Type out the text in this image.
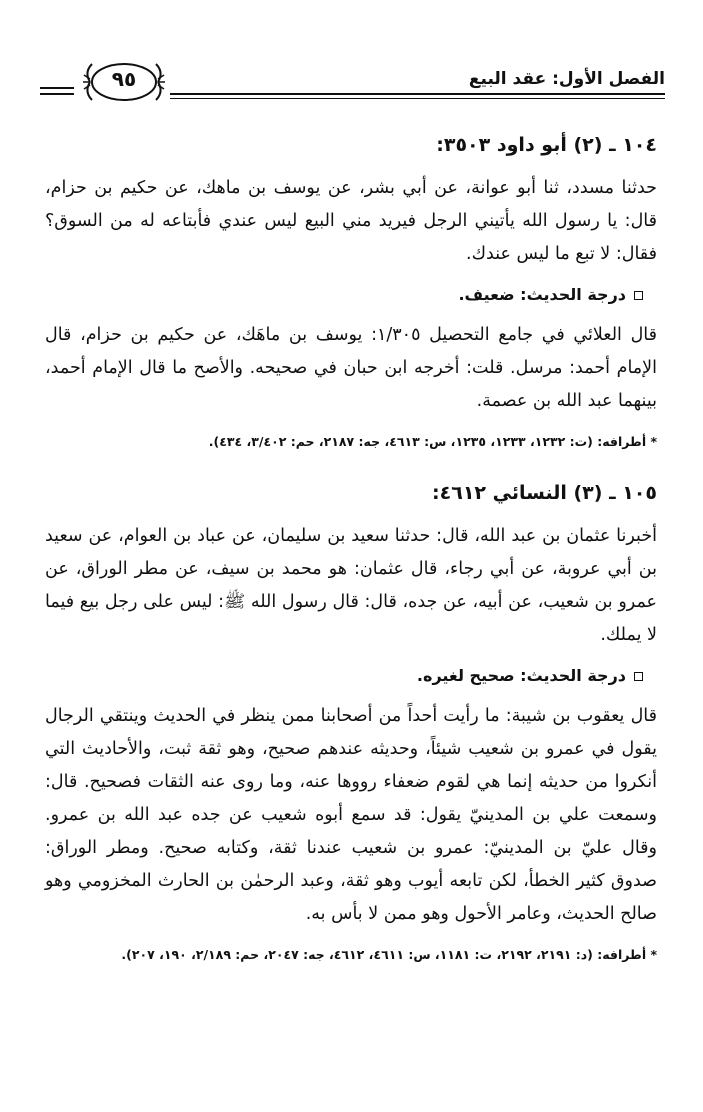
الفصل الأول: عقد البيع
٩٥
١٠٤ ـ (٢) أبو داود ٣٥٠٣:

حدثنا مسدد، ثنا أبو عوانة، عن أبي بشر، عن يوسف بن ماهك، عن حكيم بن حزام، قال: يا رسول الله يأتيني الرجل فيريد مني البيع ليس عندي فأبتاعه له من السوق؟ فقال: لا تبع ما ليس عندك.

درجة الحديث: ضعيف.

قال العلائي في جامع التحصيل ١/٣٠٥: يوسف بن ماهَك، عن حكيم بن حزام، قال الإمام أحمد: مرسل. قلت: أخرجه ابن حبان في صحيحه. والأصح ما قال الإمام أحمد، بينهما عبد الله بن عصمة.

* أطرافه: (ت: ١٢٣٢، ١٢٣٣، ١٢٣٥، س: ٤٦١٣، جه: ٢١٨٧، حم: ٣/٤٠٢، ٤٣٤).
١٠٥ ـ (٣) النسائي ٤٦١٢:

أخبرنا عثمان بن عبد الله، قال: حدثنا سعيد بن سليمان، عن عباد بن العوام، عن سعيد بن أبي عروبة، عن أبي رجاء، قال عثمان: هو محمد بن سيف، عن مطر الوراق، عن عمرو بن شعيب، عن أبيه، عن جده، قال: قال رسول الله ﷺ: ليس على رجل بيع فيما لا يملك.

درجة الحديث: صحيح لغيره.

قال يعقوب بن شيبة: ما رأيت أحداً من أصحابنا ممن ينظر في الحديث وينتقي الرجال يقول في عمرو بن شعيب شيئاً، وحديثه عندهم صحيح، وهو ثقة ثبت، والأحاديث التي أنكروا من حديثه إنما هي لقوم ضعفاء رووها عنه، وما روى عنه الثقات فصحيح. قال: وسمعت علي بن المدينيّ يقول: قد سمع أبوه شعيب عن جده عبد الله بن عمرو. وقال عليّ بن المدينيّ: عمرو بن شعيب عندنا ثقة، وكتابه صحيح. ومطر الوراق: صدوق كثير الخطأ، لكن تابعه أيوب وهو ثقة، وعبد الرحمٰن بن الحارث المخزومي وهو صالح الحديث، وعامر الأحول وهو ممن لا بأس به.

* أطرافه: (د: ٢١٩١، ٢١٩٢، ت: ١١٨١، س: ٤٦١١، ٤٦١٢، جه: ٢٠٤٧، حم: ٢/١٨٩، ١٩٠، ٢٠٧).
